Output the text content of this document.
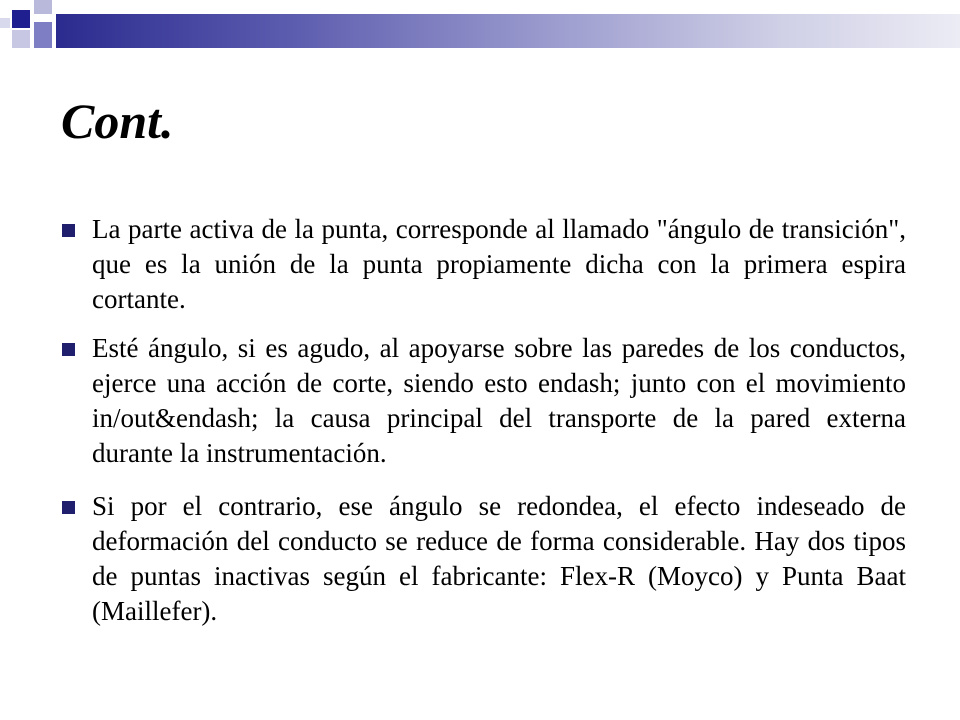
Cont.
La parte activa de la punta, corresponde al llamado "ángulo de transición", que es la unión de la punta propiamente dicha con la primera espira cortante.
Esté ángulo, si es agudo, al apoyarse sobre las paredes de los conductos, ejerce una acción de corte, siendo esto endash; junto con el movimiento in/out&endash; la causa principal del transporte de la pared externa durante la instrumentación.
Si por el contrario, ese ángulo se redondea, el efecto indeseado de deformación del conducto se reduce de forma considerable. Hay dos tipos de puntas inactivas según el fabricante: Flex-R (Moyco) y Punta Baat (Maillefer).
